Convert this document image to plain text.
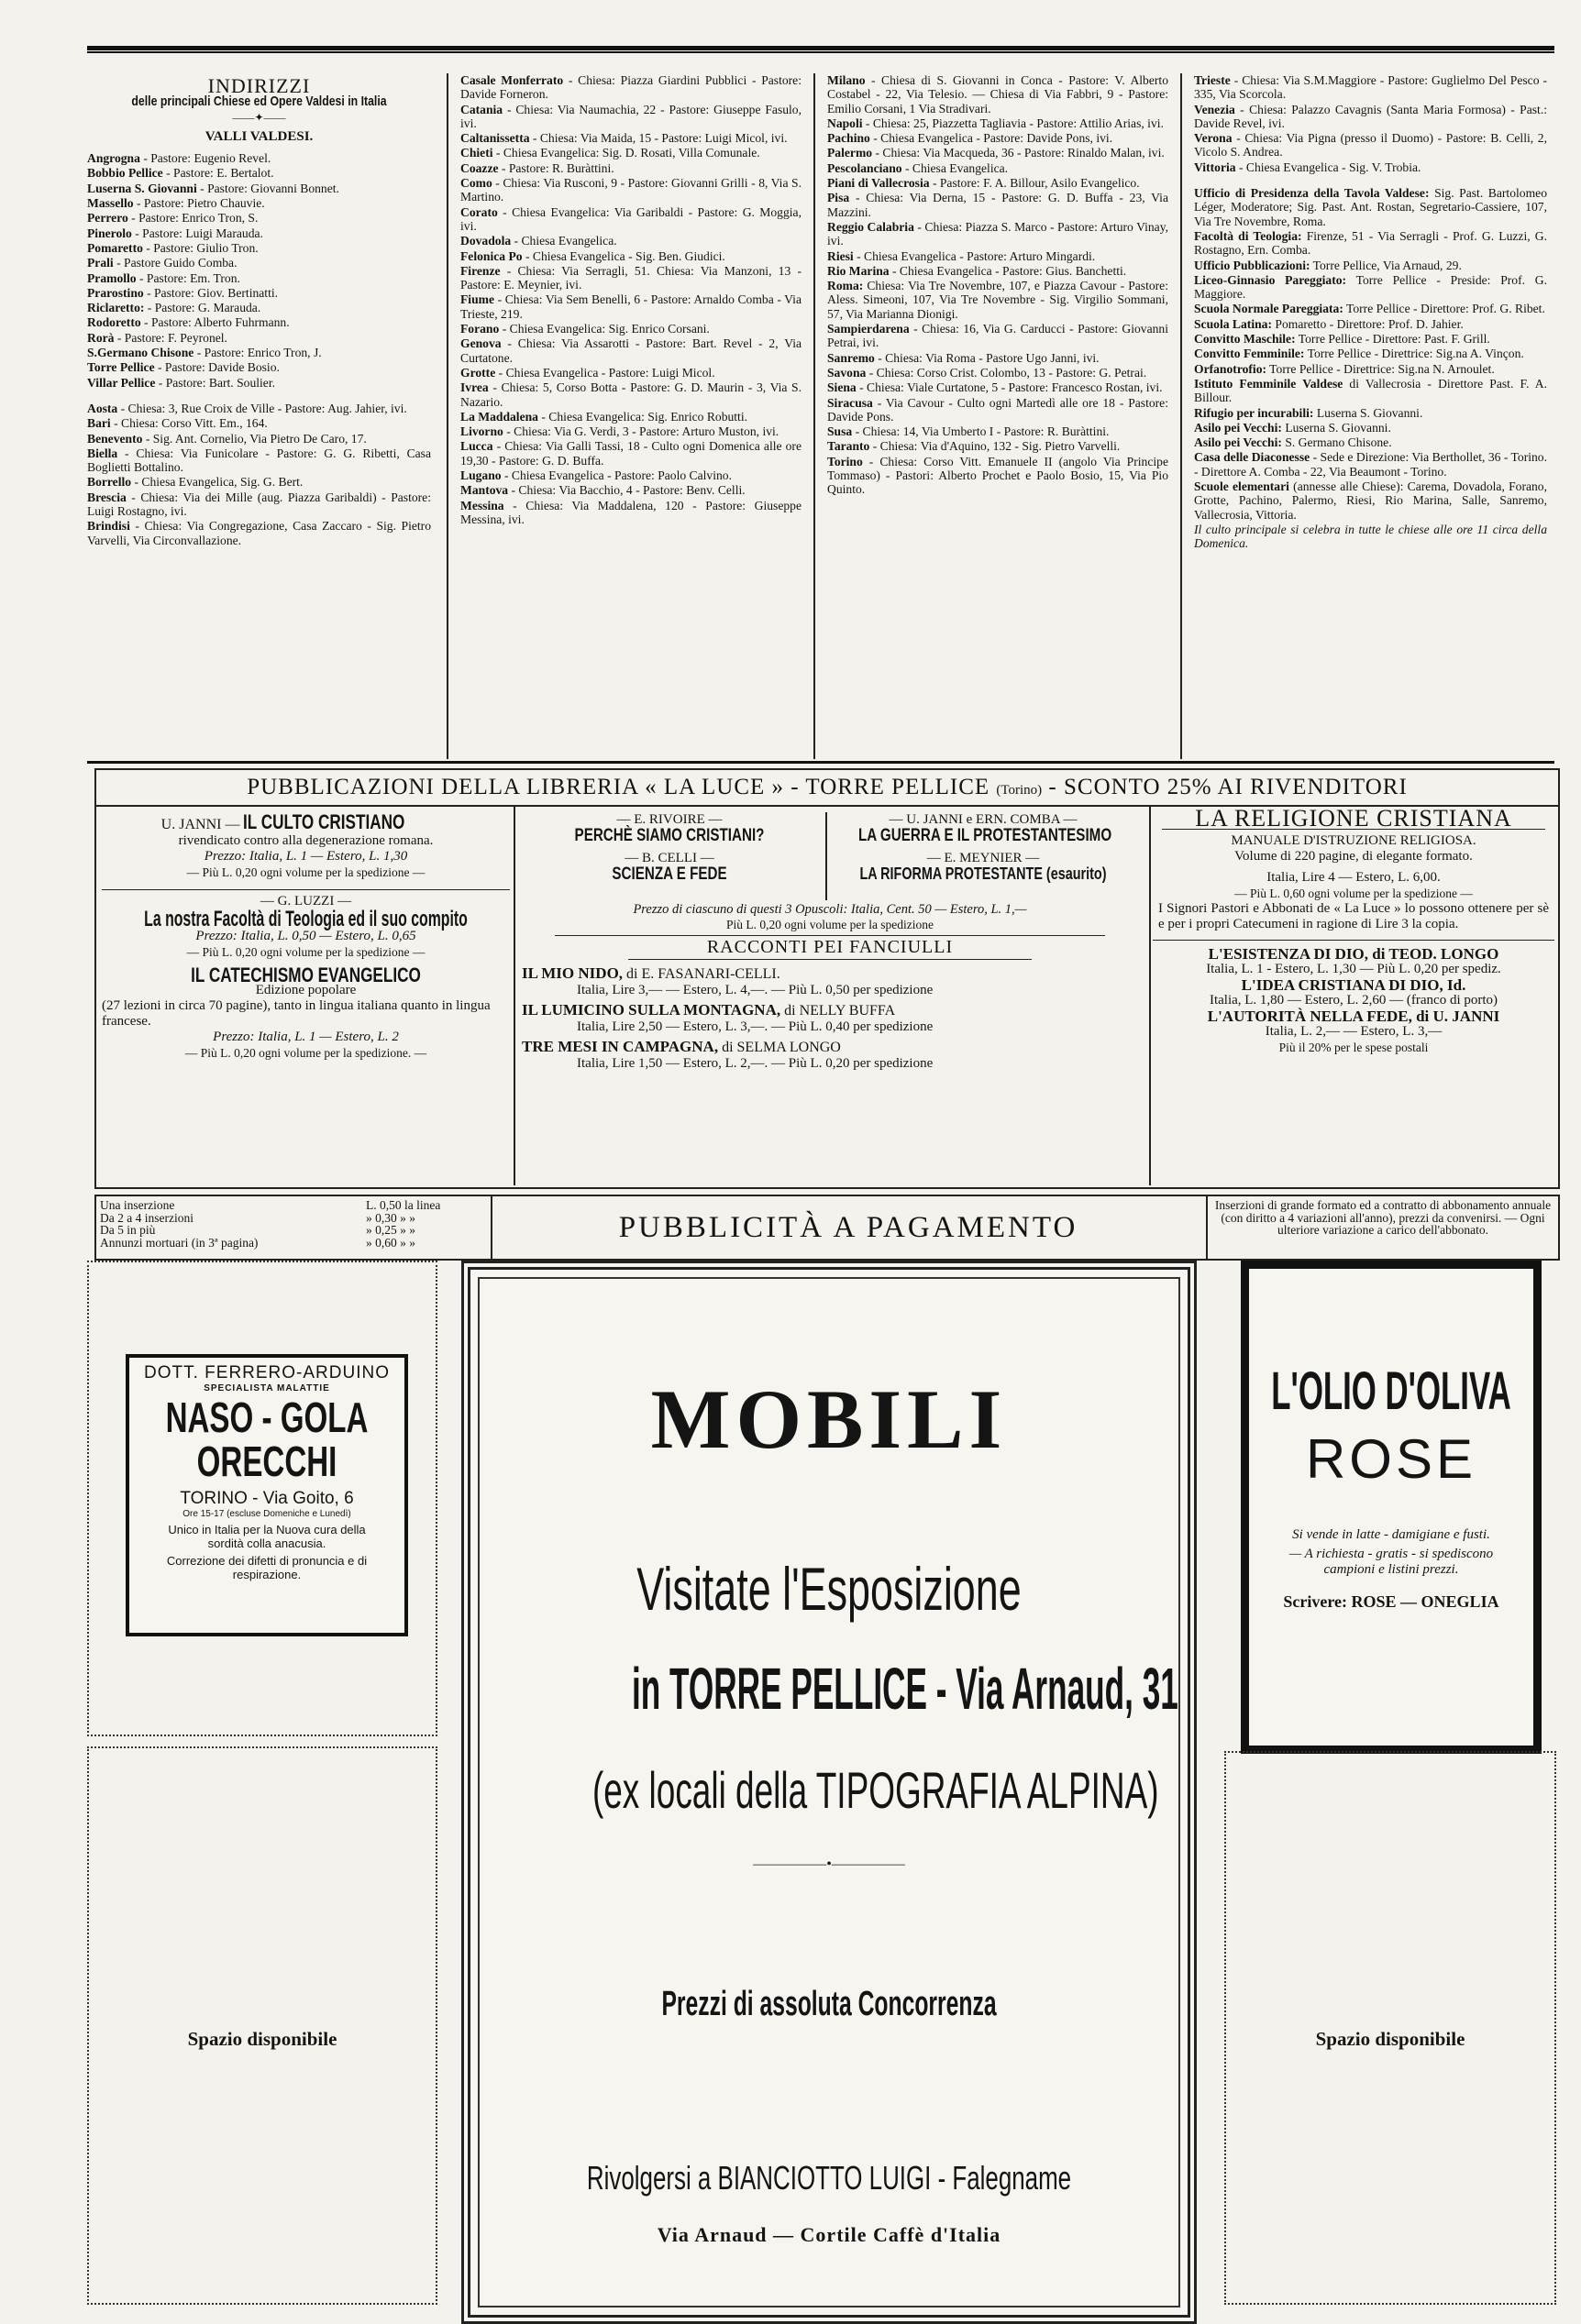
INDIRIZZI
delle principali Chiese ed Opere Valdesi in Italia
——✦——
VALLI VALDESI.

Angrogna - Pastore: Eugenio Revel.

Bobbio Pellice - Pastore: E. Bertalot.

Luserna S. Giovanni - Pastore: Giovanni Bonnet.

Massello - Pastore: Pietro Chauvie.

Perrero - Pastore: Enrico Tron, S.

Pinerolo - Pastore: Luigi Marauda.

Pomaretto - Pastore: Giulio Tron.

Prali - Pastore Guido Comba.

Pramollo - Pastore: Em. Tron.

Prarostino - Pastore: Giov. Bertinatti.

Riclaretto: - Pastore: G. Marauda.

Rodoretto - Pastore: Alberto Fuhrmann.

Rorà - Pastore: F. Peyronel.

S.Germano Chisone - Pastore: Enrico Tron, J.

Torre Pellice - Pastore: Davide Bosio.

Villar Pellice - Pastore: Bart. Soulier.

Aosta - Chiesa: 3, Rue Croix de Ville - Pastore: Aug. Jahier, ivi.

Bari - Chiesa: Corso Vitt. Em., 164.

Benevento - Sig. Ant. Cornelio, Via Pietro De Caro, 17.

Biella - Chiesa: Via Funicolare - Pastore: G. G. Ribetti, Casa Boglietti Bottalino.

Borrello - Chiesa Evangelica, Sig. G. Bert.

Brescia - Chiesa: Via dei Mille (aug. Piazza Garibaldi) - Pastore: Luigi Rostagno, ivi.

Brindisi - Chiesa: Via Congregazione, Casa Zaccaro - Sig. Pietro Varvelli, Via Circonvallazione.

Casale Monferrato - Chiesa: Piazza Giardini Pubblici - Pastore: Davide Forneron.

Catania - Chiesa: Via Naumachia, 22 - Pastore: Giuseppe Fasulo, ivi.

Caltanissetta - Chiesa: Via Maida, 15 - Pastore: Luigi Micol, ivi.

Chieti - Chiesa Evangelica: Sig. D. Rosati, Villa Comunale.

Coazze - Pastore: R. Buràttini.

Como - Chiesa: Via Rusconi, 9 - Pastore: Giovanni Grilli - 8, Via S. Martino.

Corato - Chiesa Evangelica: Via Garibaldi - Pastore: G. Moggia, ivi.

Dovadola - Chiesa Evangelica.

Felonica Po - Chiesa Evangelica - Sig. Ben. Giudici.

Firenze - Chiesa: Via Serragli, 51. Chiesa: Via Manzoni, 13 - Pastore: E. Meynier, ivi.

Fiume - Chiesa: Via Sem Benelli, 6 - Pastore: Arnaldo Comba - Via Trieste, 219.

Forano - Chiesa Evangelica: Sig. Enrico Corsani.

Genova - Chiesa: Via Assarotti - Pastore: Bart. Revel - 2, Via Curtatone.

Grotte - Chiesa Evangelica - Pastore: Luigi Micol.

Ivrea - Chiesa: 5, Corso Botta - Pastore: G. D. Maurin - 3, Via S. Nazario.

La Maddalena - Chiesa Evangelica: Sig. Enrico Robutti.

Livorno - Chiesa: Via G. Verdi, 3 - Pastore: Arturo Muston, ivi.

Lucca - Chiesa: Via Galli Tassi, 18 - Culto ogni Domenica alle ore 19,30 - Pastore: G. D. Buffa.

Lugano - Chiesa Evangelica - Pastore: Paolo Calvino.

Mantova - Chiesa: Via Bacchio, 4 - Pastore: Benv. Celli.

Messina - Chiesa: Via Maddalena, 120 - Pastore: Giuseppe Messina, ivi.

Milano - Chiesa di S. Giovanni in Conca - Pastore: V. Alberto Costabel - 22, Via Telesio. — Chiesa di Via Fabbri, 9 - Pastore: Emilio Corsani, 1 Via Stradivari.

Napoli - Chiesa: 25, Piazzetta Tagliavia - Pastore: Attilio Arias, ivi.

Pachino - Chiesa Evangelica - Pastore: Davide Pons, ivi.

Palermo - Chiesa: Via Macqueda, 36 - Pastore: Rinaldo Malan, ivi.

Pescolanciano - Chiesa Evangelica.

Piani di Vallecrosia - Pastore: F. A. Billour, Asilo Evangelico.

Pisa - Chiesa: Via Derna, 15 - Pastore: G. D. Buffa - 23, Via Mazzini.

Reggio Calabria - Chiesa: Piazza S. Marco - Pastore: Arturo Vinay, ivi.

Riesi - Chiesa Evangelica - Pastore: Arturo Mingardi.

Rio Marina - Chiesa Evangelica - Pastore: Gius. Banchetti.

Roma: Chiesa: Via Tre Novembre, 107, e Piazza Cavour - Pastore: Aless. Simeoni, 107, Via Tre Novembre - Sig. Virgilio Sommani, 57, Via Marianna Dionigi.

Sampierdarena - Chiesa: 16, Via G. Carducci - Pastore: Giovanni Petrai, ivi.

Sanremo - Chiesa: Via Roma - Pastore Ugo Janni, ivi.

Savona - Chiesa: Corso Crist. Colombo, 13 - Pastore: G. Petrai.

Siena - Chiesa: Viale Curtatone, 5 - Pastore: Francesco Rostan, ivi.

Siracusa - Via Cavour - Culto ogni Martedì alle ore 18 - Pastore: Davide Pons.

Susa - Chiesa: 14, Via Umberto I - Pastore: R. Buràttini.

Taranto - Chiesa: Via d'Aquino, 132 - Sig. Pietro Varvelli.

Torino - Chiesa: Corso Vitt. Emanuele II (angolo Via Principe Tommaso) - Pastori: Alberto Prochet e Paolo Bosio, 15, Via Pio Quinto.

Trieste - Chiesa: Via S.M.Maggiore - Pastore: Guglielmo Del Pesco - 335, Via Scorcola.

Venezia - Chiesa: Palazzo Cavagnis (Santa Maria Formosa) - Past.: Davide Revel, ivi.

Verona - Chiesa: Via Pigna (presso il Duomo) - Pastore: B. Celli, 2, Vicolo S. Andrea.

Vittoria - Chiesa Evangelica - Sig. V. Trobia.

Ufficio di Presidenza della Tavola Valdese: Sig. Past. Bartolomeo Léger, Moderatore; Sig. Past. Ant. Rostan, Segretario-Cassiere, 107, Via Tre Novembre, Roma.

Facoltà di Teologia: Firenze, 51 - Via Serragli - Prof. G. Luzzi, G. Rostagno, Ern. Comba.

Ufficio Pubblicazioni: Torre Pellice, Via Arnaud, 29.

Liceo-Ginnasio Pareggiato: Torre Pellice - Preside: Prof. G. Maggiore.

Scuola Normale Pareggiata: Torre Pellice - Direttore: Prof. G. Ribet.

Scuola Latina: Pomaretto - Direttore: Prof. D. Jahier.

Convitto Maschile: Torre Pellice - Direttore: Past. F. Grill.

Convitto Femminile: Torre Pellice - Direttrice: Sig.na A. Vinçon.

Orfanotrofio: Torre Pellice - Direttrice: Sig.na N. Arnoulet.

Istituto Femminile Valdese di Vallecrosia - Direttore Past. F. A. Billour.

Rifugio per incurabili: Luserna S. Giovanni.

Asilo pei Vecchi: Luserna S. Giovanni.

Asilo pei Vecchi: S. Germano Chisone.

Casa delle Diaconesse - Sede e Direzione: Via Berthollet, 36 - Torino. - Direttore A. Comba - 22, Via Beaumont - Torino.

Scuole elementari (annesse alle Chiese): Carema, Dovadola, Forano, Grotte, Pachino, Palermo, Riesi, Rio Marina, Salle, Sanremo, Vallecrosia, Vittoria.

Il culto principale si celebra in tutte le chiese alle ore 11 circa della Domenica.

PUBBLICAZIONI DELLA LIBRERIA « LA LUCE » - TORRE PELLICE (Torino) - SCONTO 25% AI RIVENDITORI
U. JANNI — IL CULTO CRISTIANO
rivendicato contro alla degenerazione romana.
Prezzo: Italia, L. 1 — Estero, L. 1,30
— Più L. 0,20 ogni volume per la spedizione —
— G. LUZZI —
La nostra Facoltà di Teologia ed il suo compito
Prezzo: Italia, L. 0,50 — Estero, L. 0,65
— Più L. 0,20 ogni volume per la spedizione —
IL CATECHISMO EVANGELICO
Edizione popolare
(27 lezioni in circa 70 pagine), tanto in lingua italiana quanto in lingua francese.
Prezzo: Italia, L. 1 — Estero, L. 2
— Più L. 0,20 ogni volume per la spedizione. —
— E. RIVOIRE —
PERCHÈ SIAMO CRISTIANI?
— B. CELLI —
SCIENZA E FEDE
— U. JANNI e ERN. COMBA —
LA GUERRA E IL PROTESTANTESIMO
— E. MEYNIER —
LA RIFORMA PROTESTANTE (esaurito)
Prezzo di ciascuno di questi 3 Opuscoli: Italia, Cent. 50 — Estero, L. 1,—
Più L. 0,20 ogni volume per la spedizione
RACCONTI PEI FANCIULLI
IL MIO NIDO, di E. FASANARI-CELLI.
Italia, Lire 3,— — Estero, L. 4,—. — Più L. 0,50 per spedizione
IL LUMICINO SULLA MONTAGNA, di NELLY BUFFA
Italia, Lire 2,50 — Estero, L. 3,—. — Più L. 0,40 per spedizione
TRE MESI IN CAMPAGNA, di SELMA LONGO
Italia, Lire 1,50 — Estero, L. 2,—. — Più L. 0,20 per spedizione
LA RELIGIONE CRISTIANA
MANUALE D'ISTRUZIONE RELIGIOSA.
Volume di 220 pagine, di elegante formato.
Italia, Lire 4 — Estero, L. 6,00.
— Più L. 0,60 ogni volume per la spedizione —
I Signori Pastori e Abbonati de « La Luce » lo possono ottenere per sè e per i propri Catecumeni in ragione di Lire 3 la copia.
L'ESISTENZA DI DIO, di TEOD. LONGO
Italia, L. 1 - Estero, L. 1,30 — Più L. 0,20 per spediz.
L'IDEA CRISTIANA DI DIO, Id.
Italia, L. 1,80 — Estero, L. 2,60 — (franco di porto)
L'AUTORITÀ NELLA FEDE, di U. JANNI
Italia, L. 2,— — Estero, L. 3,—
Più il 20% per le spese postali
Una inserzione	L. 0,50 la linea
Da 2 a 4 inserzioni	» 0,30 » »
Da 5 in più	» 0,25 » »
Annunzi mortuari (in 3ª pagina)	» 0,60 » »	PUBBLICITÀ A PAGAMENTO
Inserzioni di grande formato ed a contratto di abbonamento annuale (con diritto a 4 variazioni all'anno), prezzi da convenirsi. — Ogni ulteriore variazione a carico dell'abbonato.
DOTT. FERRERO-ARDUINO
SPECIALISTA MALATTIE
NASO - GOLA
ORECCHI
TORINO - Via Goito, 6
Ore 15-17 (escluse Domeniche e Lunedì)
Unico in Italia per la Nuova cura della sordità colla anacusia.
Correzione dei difetti di pronuncia e di respirazione.
Spazio disponibile
MOBILI
Visitate l'Esposizione
in TORRE PELLICE - Via Arnaud, 31
(ex locali della TIPOGRAFIA ALPINA)
—————•—————
Prezzi di assoluta Concorrenza
Rivolgersi a BIANCIOTTO LUIGI - Falegname
Via Arnaud — Cortile Caffè d'Italia
L'OLIO D'OLIVA
ROSE
Si vende in latte - damigiane e fusti.
— A richiesta - gratis - si spediscono campioni e listini prezzi.
Scrivere: ROSE — ONEGLIA
Spazio disponibile
